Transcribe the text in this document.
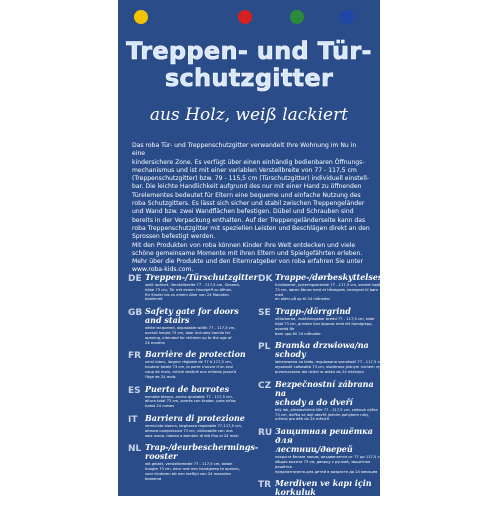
Treppen- und Tür-
schutzgitter
aus Holz, weiß lackiert
Das roba Tür- und Treppenschutzgitter verwandelt Ihre Wohnung im Nu in eine
kindersichere Zone. Es verfügt über einen einhändig bedienbaren Öffnungs-
mechanismus und ist mit einer variablen Verstellbreite von 77 - 117,5 cm
(Treppenschutzgitter) bzw. 79 - 115,5 cm (Türschutzgitter) individuell einstell-
bar. Die leichte Handlichkeit aufgrund des nur mit einer Hand zu öffnenden
Türelementes bedeutet für Eltern eine bequeme und einfache Nutzung des
roba Schutzgitters. Es lässt sich sicher und stabil zwischen Treppengeländer
und Wand bzw. zwei Wandflächen befestigen. Dübel und Schrauben sind
bereits in der Verpackung enthalten. Auf der Treppengeländerseite kann das
roba Treppenschutzgitter mit speziellen Leisten und Beschlägen direkt an den
Sprossen befestigt werden.
Mit den Produkten von roba können Kinder ihre Welt entdecken und viele
schöne gemeinsame Momente mit ihren Eltern und Spielgefährten erleben.
Mehr über die Produkte und den Elternratgeber von roba erfahren Sie unter
www.roba-kids.com.
DE Treppen-/Türschutzgitter
weiß lackiert, Verstellbreite 77 - 117,5 cm, Gesamt-
höhe 73 cm, Tür mit einem Handgriff zu öffnen,
für Kinder bis zu einem Alter von 24 Monaten
bestimmt
GB Safety gate for doors
and stairs
white lacquered, adjustable width 77 - 117,5 cm,
overall height 73 cm, door includes handle for
opening, intended for children up to the age of
24 months
FR Barrière de protection
verni blanc, largeur réglable de 77 à 117,5 cm,
hauteur totale 73 cm, la porte s'ouvre d'un seul
coup de main, article destiné aux enfants jusqu'à
l'âge de 24 mois
ES Puerta de barrotes
esmalte blanco, ancho ajustable 77 - 117,5 cm,
altura total 73 cm, puerta con tirador, para niños
hasta 24 meses
IT Barriera di protezione
verniciata bianca, larghezza regolabile 77-117,5 cm,
altezza complessiva 73 cm, utilizzabile con una
sola mano, idonea a bambini di età fino ai 24 mesi
NL Trap-/deurbeschermings-
rooster
wit gelakt, verstelbreedte 77 - 117,5 cm, totale
hoogte 73 cm, deur met een handgreep te openen,
voor kinderen tot een leeftijd van 24 maanden
bestemd
DK Trappe-/dørbeskyttelsesgitter
hvidlakeret, justeringsbredde 77 - 117,5 cm, samlet højde
73 cm, døren åbnes med et håndgreb, beregnet til børn med
en alder på op til 24 måneder
SE Trapp-/dörrgrind
vitlackerad, inställningsbar bredd 77 - 117,5 cm, total
höjd 73 cm, grinden kan öppnas med ett handgrepp, avsedd för
barn upp till 24 månader
PL Bramka drzwiowa/na schody
lakierowana na biało, regulowana szerokość 77 - 117,5 cm,
wysokość całkowita 73 cm, otwierana jednym ruchem ręki,
przeznaczona dla dzieci w wieku do 24 miesięcy
CZ Bezpečnostní zábrana na
schody a do dveří
bílý lak, přestavitelná šíře 77 - 117,5 cm, celková výška
73 cm, dvířka se dají otevřít jedním pohybem ruky,
určeno pro děti do 24 měsíců
RU Защитная решётка для
лестниц/дверей
покрыта белым лаком, раздвигается от 77 до 117,5 см,
общая высота 73 см, дверцу с ручкой, защитная решётка
предназначена для детей в возрасте до 24 месяцев
TR Merdiven ve kapı için korkuluk
beyaz boyalı, ayarlanabilir genişlik 77 - 117,5 cm, toplam
yükseklik 73 cm, kolları el hareketi ile açılabilir kapı,
24 aylığa kadar çocuklar için uygundur
